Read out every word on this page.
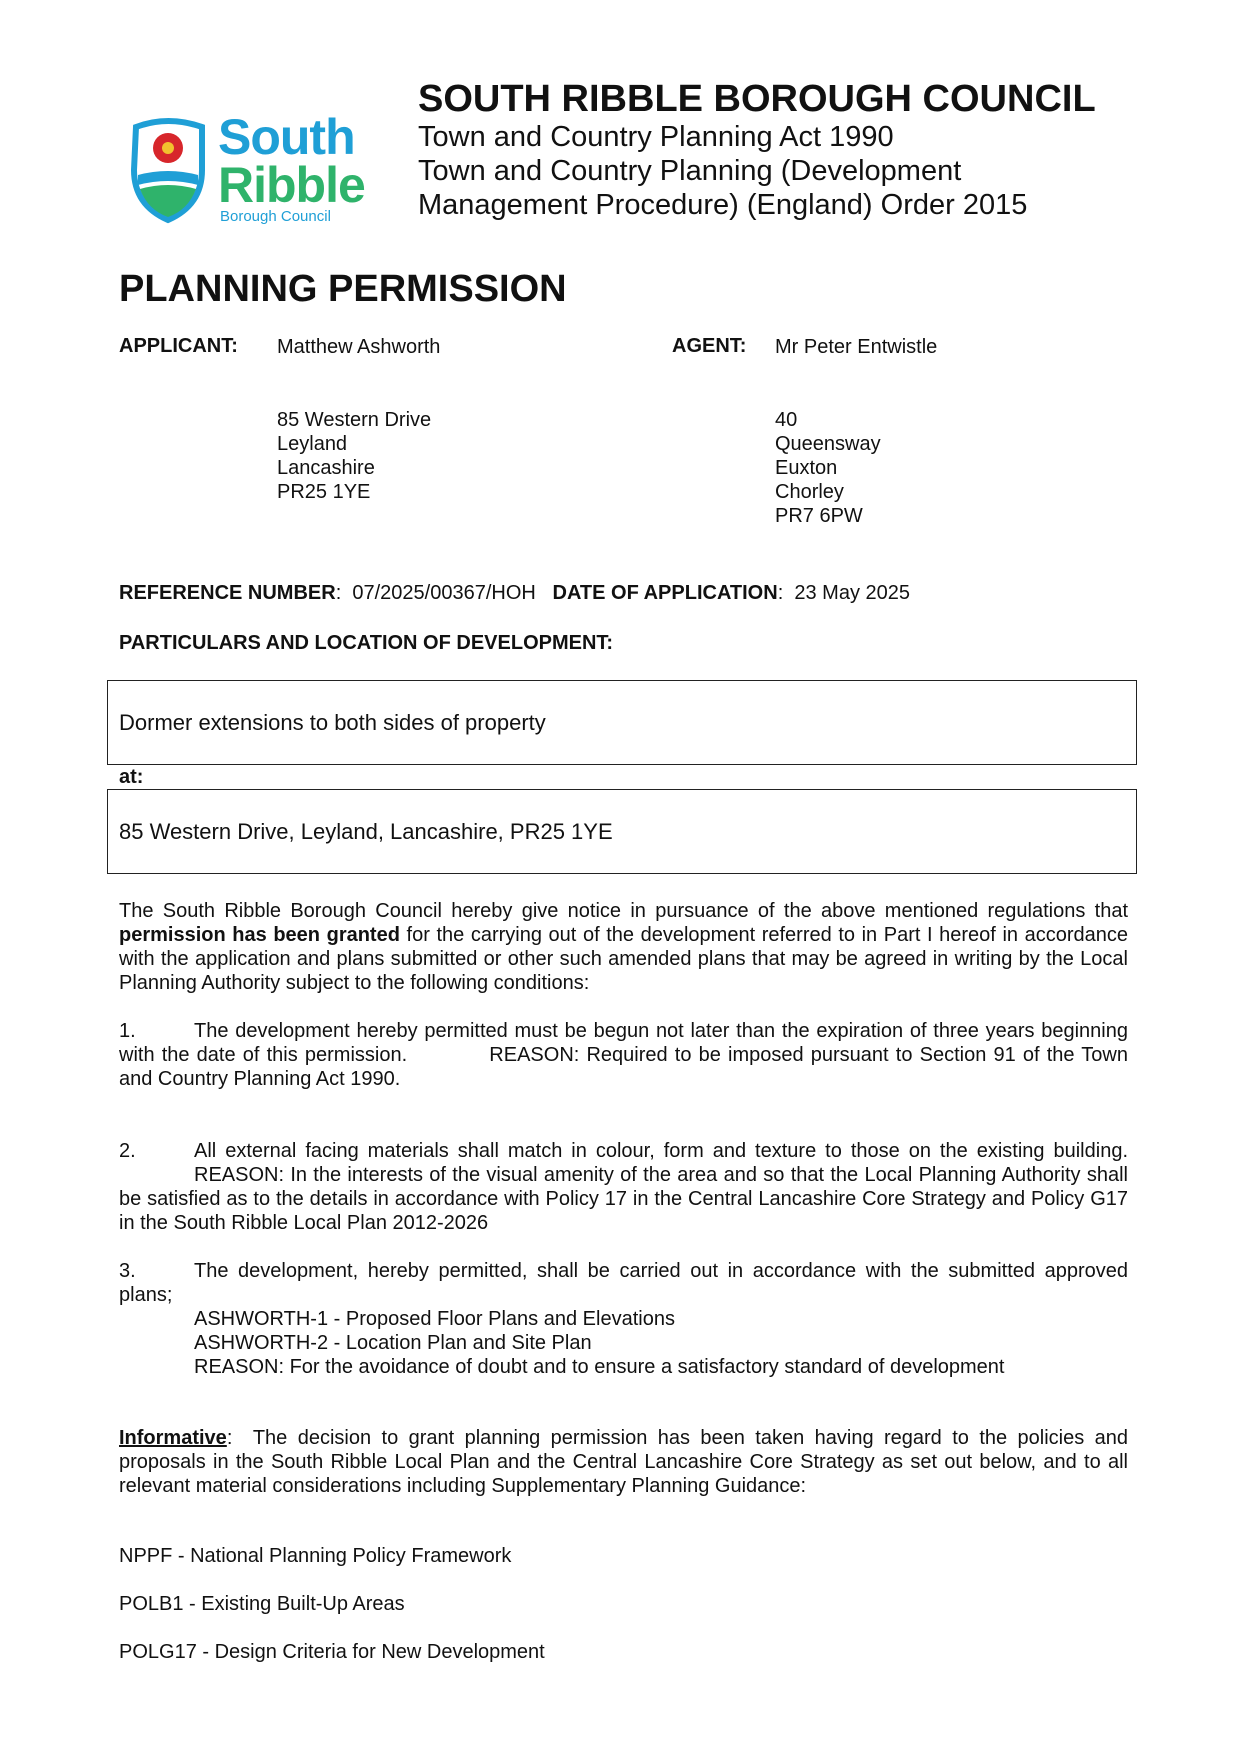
South
Ribble
Borough Council
SOUTH RIBBLE BOROUGH COUNCIL
Town and Country Planning Act 1990
Town and Country Planning (Development
Management Procedure) (England) Order 2015
PLANNING PERMISSION
APPLICANT: Matthew Ashworth	AGENT: Mr Peter Entwistle
85 Western Drive
Leyland
Lancashire
PR25 1YE
40
Queensway
Euxton
Chorley
PR7 6PW
REFERENCE NUMBER:  07/2025/00367/HOH DATE OF APPLICATION:  23 May 2025
PARTICULARS AND LOCATION OF DEVELOPMENT:
Dormer extensions to both sides of property
at:
85 Western Drive, Leyland, Lancashire, PR25 1YE
The South Ribble Borough Council hereby give notice in pursuance of the above mentioned regulations that permission has been granted for the carrying out of the development referred to in Part I hereof in accordance with the application and plans submitted or other such amended plans that may be agreed in writing by the Local Planning Authority subject to the following conditions:
1.	The development hereby permitted must be begun not later than the expiration of three years beginning with the date of this permission.	REASON: Required to be imposed pursuant to Section 91 of the Town and Country Planning Act 1990.
2.	All external facing materials shall match in colour, form and texture to those on the existing building. REASON: In the interests of the visual amenity of the area and so that the Local Planning Authority shall be satisfied as to the details in accordance with Policy 17 in the Central Lancashire Core Strategy and Policy G17 in the South Ribble Local Plan 2012-2026
3.	The development, hereby permitted, shall be carried out in accordance with the submitted approved plans;
ASHWORTH-1 - Proposed Floor Plans and Elevations
ASHWORTH-2 - Location Plan and Site Plan
REASON: For the avoidance of doubt and to ensure a satisfactory standard of development
Informative:  The decision to grant planning permission has been taken having regard to the policies and proposals in the South Ribble Local Plan and the Central Lancashire Core Strategy as set out below, and to all relevant material considerations including Supplementary Planning Guidance:
NPPF - National Planning Policy Framework
POLB1 - Existing Built-Up Areas
POLG17 - Design Criteria for New Development
